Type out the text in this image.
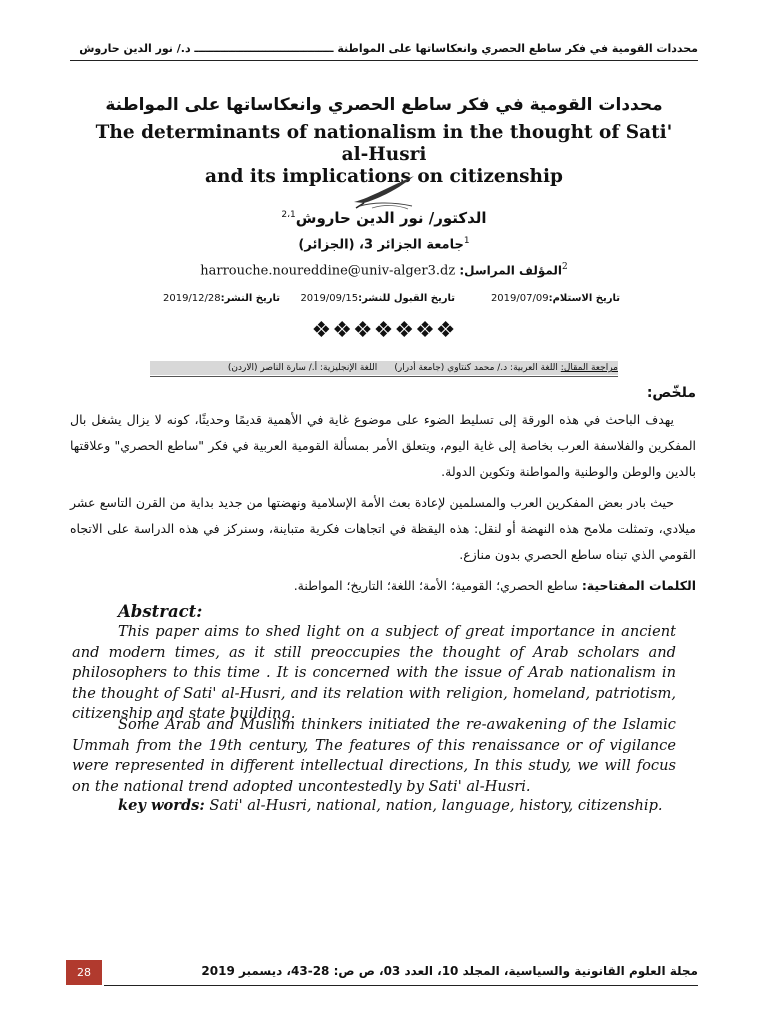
محددات القومية في فكر ساطع الحصري وانعكاساتها على المواطنة ـــــــــــــــــــــــــــــــــــــ د./ نور الدين حاروش
محددات القومية في فكر ساطع الحصري وانعكاساتها على المواطنة
The determinants of nationalism in the thought of Sati' al-Husri
and its implications on citizenship
الدكتور/ نور الدين حاروش$^{2،1}$
$^1$جامعة الجزائر 3، (الجزائر)
$^2$المؤلف المراسل: harrouche.noureddine@univ-alger3.dz
تاريخ الاستلام:2019/07/09
تاريخ القبول للنشر:2019/09/15
تاريخ النشر:2019/12/28
❖❖❖❖❖❖❖
مراجعة المقال: اللغة العربية: د./ محمد كنتاوي (جامعة أدرار)      اللغة الإنجليزية: أ./ سارة الناصر (الاردن)
ملخّص:
يهدف الباحث في هذه الورقة إلى تسليط الضوء على موضوع غاية في الأهمية قديمًا وحديثًا، كونه لا يزال يشغل بال المفكرين والفلاسفة العرب بخاصة إلى غاية اليوم، ويتعلق الأمر بمسألة القومية العربية في فكر "ساطع الحصري" وعلاقتها بالدين والوطن والوطنية والمواطنة وتكوين الدولة.
حيث بادر بعض المفكرين العرب والمسلمين لإعادة بعث الأمة الإسلامية ونهضتها من جديد بداية من القرن التاسع عشر ميلادي، وتمثلت ملامح هذه النهضة أو لنقل: هذه اليقظة في اتجاهات فكرية متباينة، وسنركز في هذه الدراسة على الاتجاه القومي الذي تبناه ساطع الحصري بدون منازع.
الكلمات المفتاحية: ساطع الحصري؛ القومية؛ الأمة؛ اللغة؛ التاريخ؛ المواطنة.
Abstract:
This paper aims to shed light on a subject of great importance in ancient and modern times, as it still preoccupies the thought of Arab scholars and philosophers to this time . It is concerned with the issue of Arab nationalism in the thought of Sati' al-Husri, and its relation with religion, homeland, patriotism, citizenship and state building.
Some Arab and Muslim thinkers initiated the re-awakening of the Islamic Ummah from the 19th century, The features of this renaissance or of vigilance were represented in different intellectual directions, In this study, we will focus on the national trend adopted uncontestedly by Sati' al-Husri.
key words: Sati' al-Husri, national, nation, language, history, citizenship.
28	مجلة العلوم القانونية والسياسية، المجلد 10، العدد 03، ص ص: 28-43، ديسمبر 2019
